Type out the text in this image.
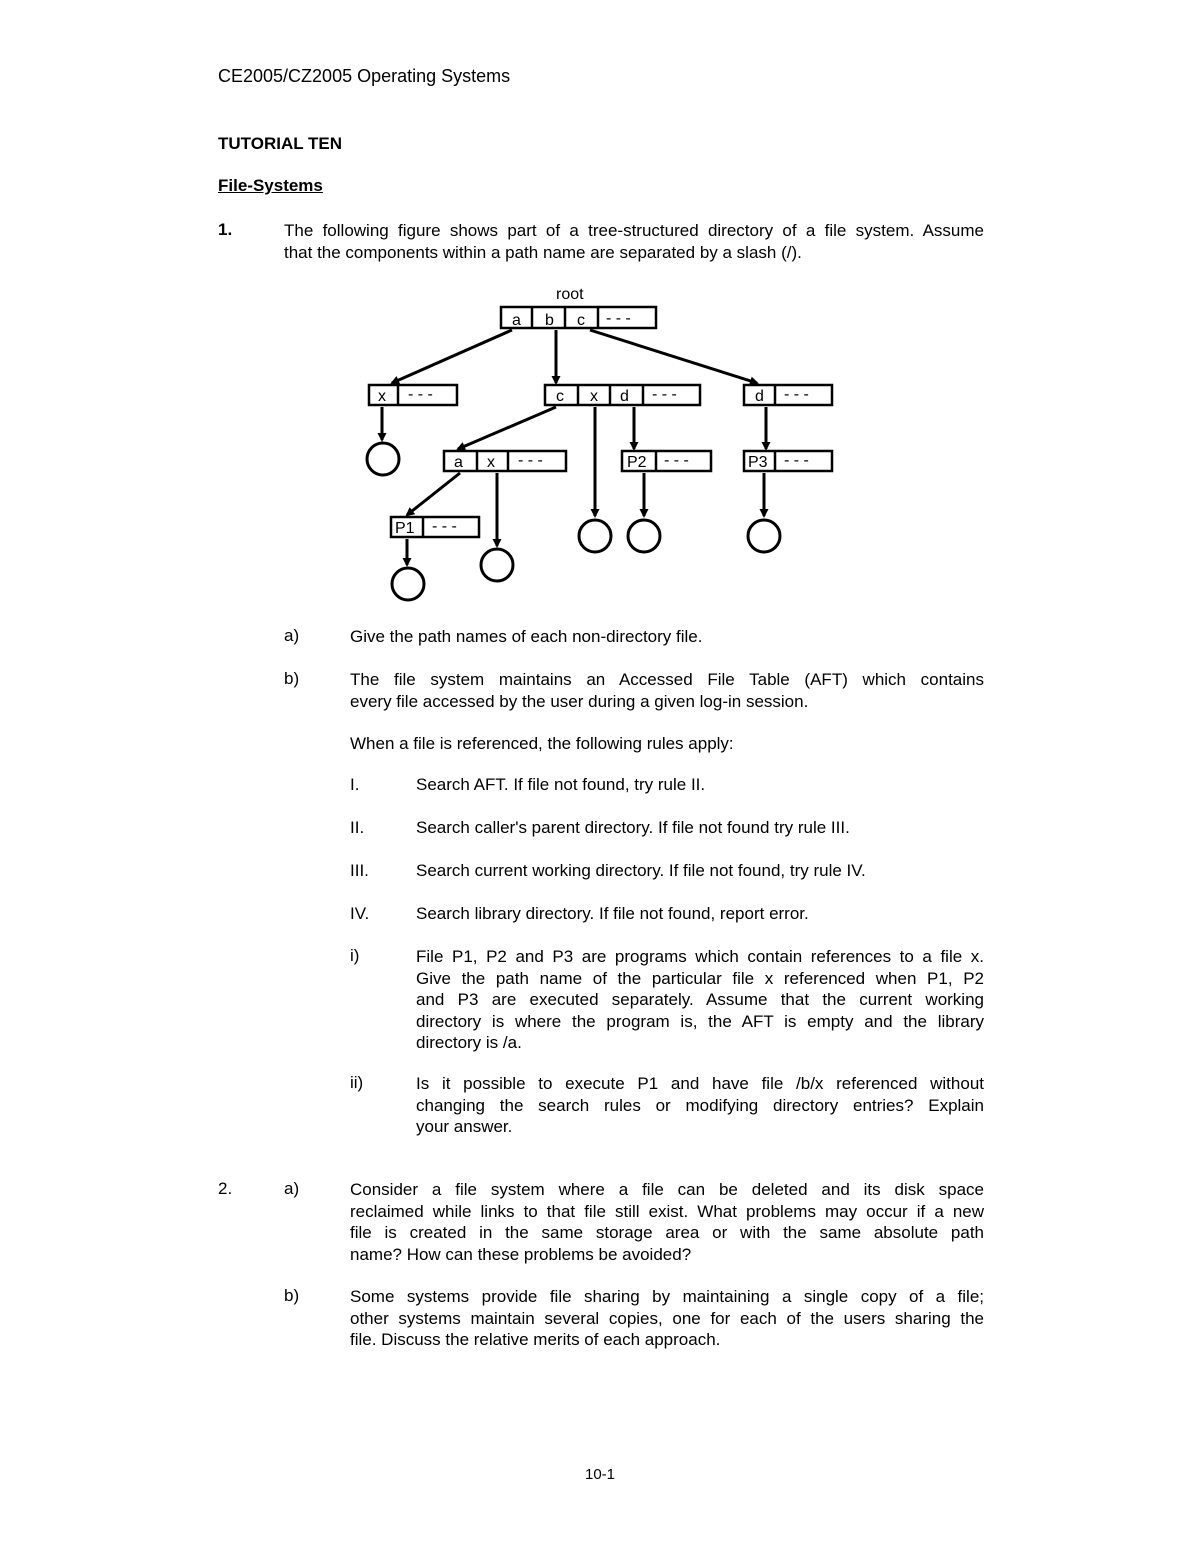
CE2005/CZ2005 Operating Systems
TUTORIAL TEN
File-Systems
1.	The following figure shows part of a tree-structured directory of a file system. Assume
that the components within a path name are separated by a slash (/).
root
a b c - - -
x - - -	c x d - - -	d - - -
a x - - -	P2 - - -	P3 - - -
P1 - - -
a)	Give the path names of each non-directory file.
b)	The file system maintains an Accessed File Table (AFT) which contains
every file accessed by the user during a given log-in session.
When a file is referenced, the following rules apply:
I.	Search AFT. If file not found, try rule II.
II.	Search caller's parent directory. If file not found try rule III.
III.	Search current working directory. If file not found, try rule IV.
IV.	Search library directory. If file not found, report error.
i)	File P1, P2 and P3 are programs which contain references to a file x.
Give the path name of the particular file x referenced when P1, P2
and P3 are executed separately. Assume that the current working
directory is where the program is, the AFT is empty and the library
directory is /a.
ii)	Is it possible to execute P1 and have file /b/x referenced without
changing the search rules or modifying directory entries? Explain
your answer.
2.	a)	Consider a file system where a file can be deleted and its disk space
reclaimed while links to that file still exist. What problems may occur if a new
file is created in the same storage area or with the same absolute path
name? How can these problems be avoided?
b)	Some systems provide file sharing by maintaining a single copy of a file;
other systems maintain several copies, one for each of the users sharing the
file. Discuss the relative merits of each approach.
10-1
